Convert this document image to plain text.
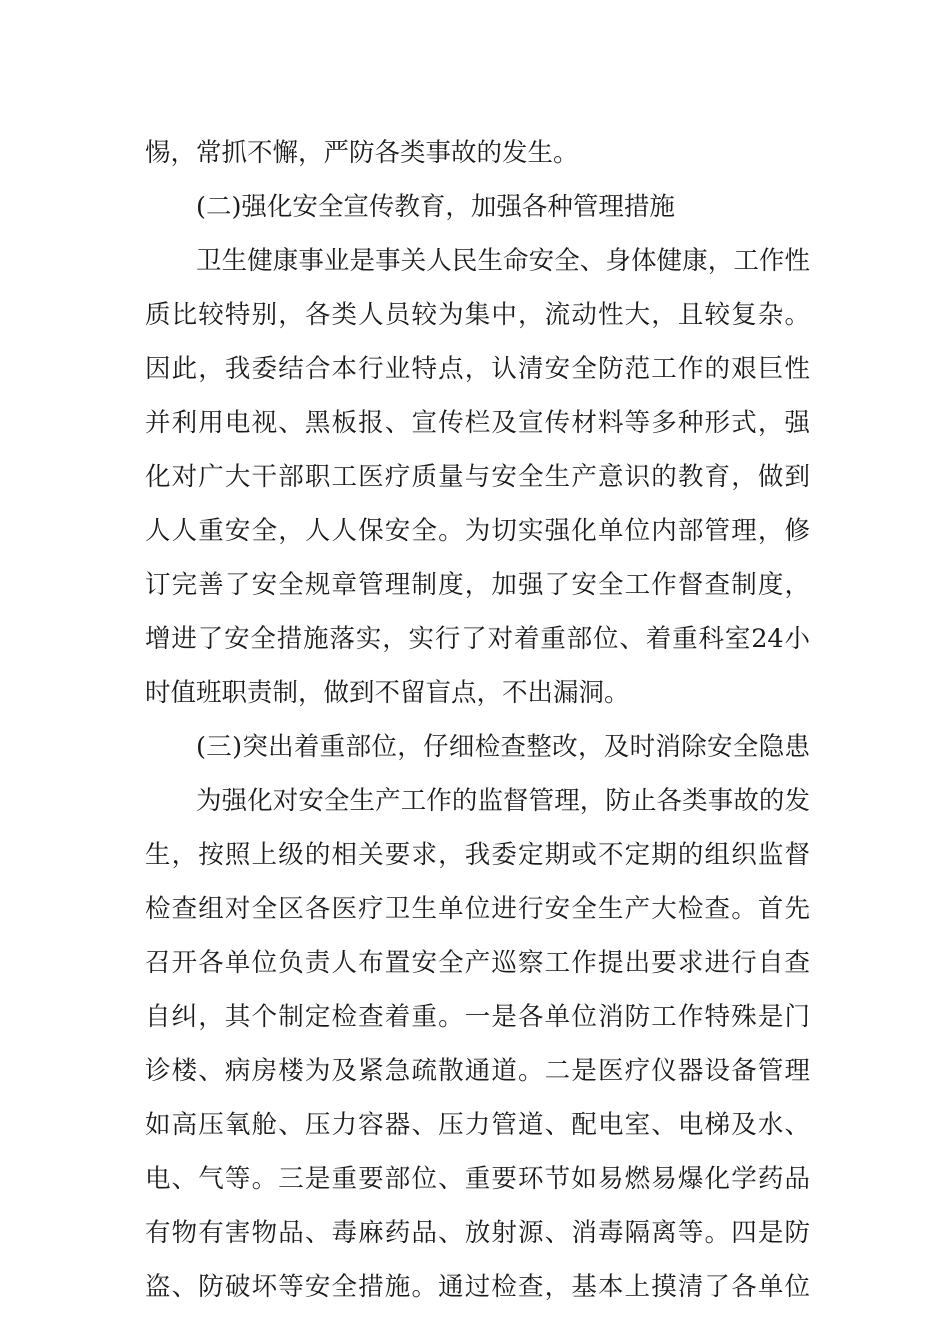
惕，常抓不懈，严防各类事故的发生。
(二)强化安全宣传教育，加强各种管理措施
卫生健康事业是事关人民生命安全、身体健康，工作性
质比较特别，各类人员较为集中，流动性大，且较复杂。
因此，我委结合本行业特点，认清安全防范工作的艰巨性
并利用电视、黑板报、宣传栏及宣传材料等多种形式，强
化对广大干部职工医疗质量与安全生产意识的教育，做到
人人重安全，人人保安全。为切实强化单位内部管理，修
订完善了安全规章管理制度，加强了安全工作督查制度，
增进了安全措施落实，实行了对着重部位、着重科室24小
时值班职责制，做到不留盲点，不出漏洞。
(三)突出着重部位，仔细检查整改，及时消除安全隐患
为强化对安全生产工作的监督管理，防止各类事故的发
生，按照上级的相关要求，我委定期或不定期的组织监督
检查组对全区各医疗卫生单位进行安全生产大检查。首先
召开各单位负责人布置安全产巡察工作提出要求进行自查
自纠，其个制定检查着重。一是各单位消防工作特殊是门
诊楼、病房楼为及紧急疏散通道。二是医疗仪器设备管理
如高压氧舱、压力容器、压力管道、配电室、电梯及水、
电、气等。三是重要部位、重要环节如易燃易爆化学药品
有物有害物品、毒麻药品、放射源、消毒隔离等。四是防
盗、防破坏等安全措施。通过检查，基本上摸清了各单位
